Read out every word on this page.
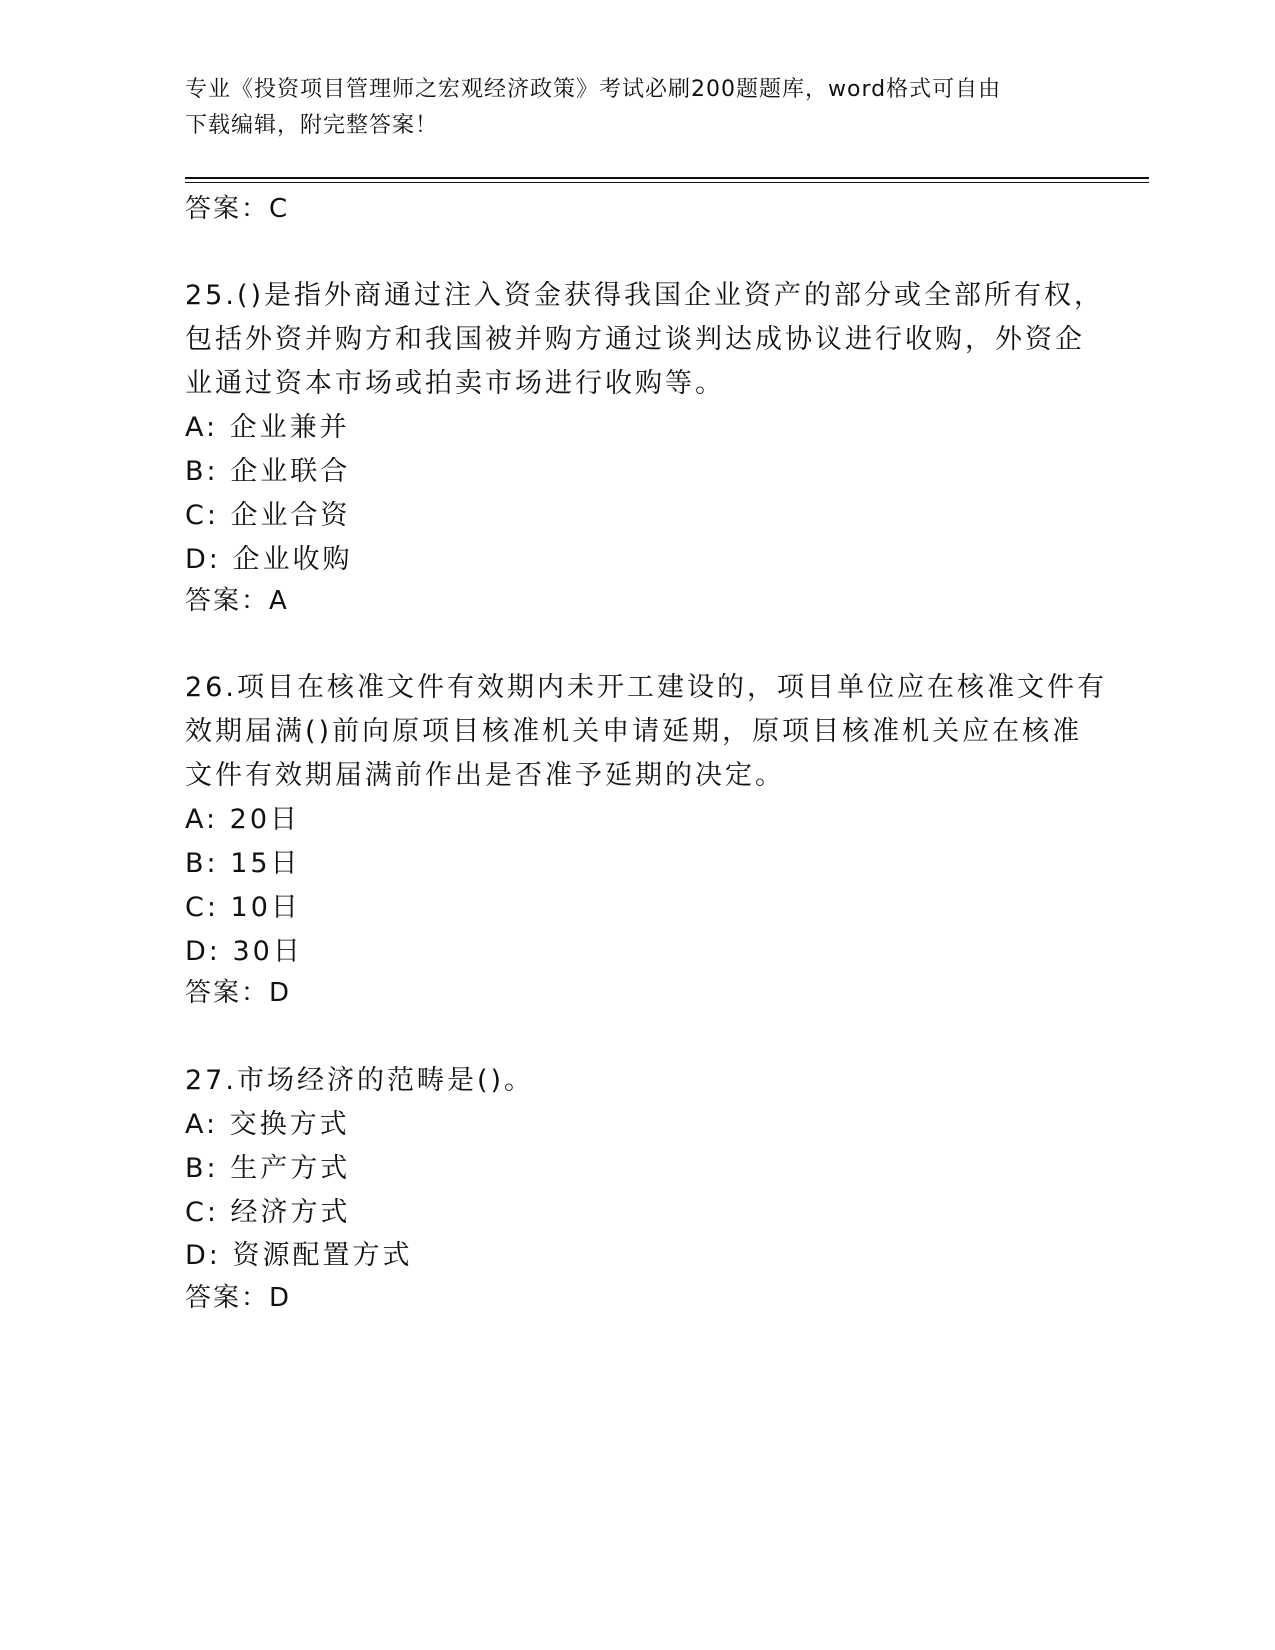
专业《投资项目管理师之宏观经济政策》考试必刷200题题库，word格式可自由
下载编辑，附完整答案！
答案：C
25.()是指外商通过注入资金获得我国企业资产的部分或全部所有权，
包括外资并购方和我国被并购方通过谈判达成协议进行收购，外资企
业通过资本市场或拍卖市场进行收购等。
A: 企业兼并
B: 企业联合
C: 企业合资
D: 企业收购
答案：A
26.项目在核准文件有效期内未开工建设的，项目单位应在核准文件有
效期届满()前向原项目核准机关申请延期，原项目核准机关应在核准
文件有效期届满前作出是否准予延期的决定。
A: 20日
B: 15日
C: 10日
D: 30日
答案：D
27.市场经济的范畴是()。
A: 交换方式
B: 生产方式
C: 经济方式
D: 资源配置方式
答案：D
